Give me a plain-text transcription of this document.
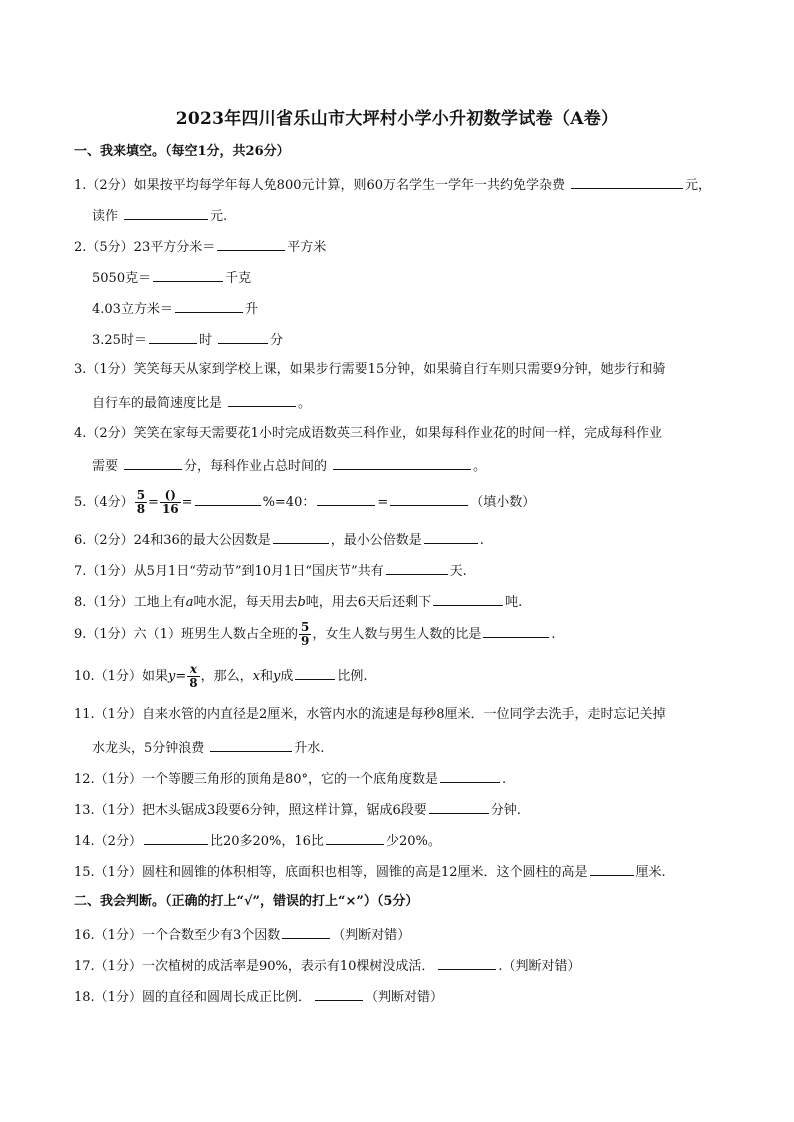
2023年四川省乐山市大坪村小学小升初数学试卷（A卷）
一、我来填空。（每空1分，共26分）
1.（2分）如果按平均每学年每人免800元计算，则60万名学生一学年一共约免学杂费	元，
读作	元.
2.（5分）23平方分米＝	平方米
5050克＝	千克
4.03立方米＝	升
3.25时＝	时	分
3.（1分）笑笑每天从家到学校上课，如果步行需要15分钟，如果骑自行车则只需要9分钟，她步行和骑
自行车的最简速度比是	。
4.（2分）笑笑在家每天需要花1小时完成语数英三科作业，如果每科作业花的时间一样，完成每科作业
需要	分，每科作业占总时间的	。
5.（4分） $\frac{5}{8} = \frac{()}{16}$ =	%=40：	=	（填小数）
6.（2分）24和36的最大公因数是	，最小公倍数是	.
7.（1分）从5月1日“劳动节”到10月1日“国庆节”共有	天.
8.（1分）工地上有a吨水泥，每天用去b吨，用去6天后还剩下	吨.
9.（1分）六（1）班男生人数占全班的 $\frac{5}{9}$ ，女生人数与男生人数的比是	.
10.（1分）如果$y= \frac{x}{8}$ ，那么，x和y成	比例.
11.（1分）自来水管的内直径是2厘米，水管内水的流速是每秒8厘米．一位同学去洗手，走时忘记关掉
水龙头，5分钟浪费	升水.
12.（1分）一个等腰三角形的顶角是80°，它的一个底角度数是	.
13.（1分）把木头锯成3段要6分钟，照这样计算，锯成6段要	分钟.
14.（2分）	比20多20%，16比	少20%。
15.（1分）圆柱和圆锥的体积相等，底面积也相等，圆锥的高是12厘米．这个圆柱的高是	厘米.
二、我会判断。（正确的打上“√”，错误的打上“×”）（5分）
16.（1分）一个合数至少有3个因数	（判断对错）
17.（1分）一次植树的成活率是90%，表示有10棵树没成活．	.（判断对错）
18.（1分）圆的直径和圆周长成正比例．	（判断对错）
